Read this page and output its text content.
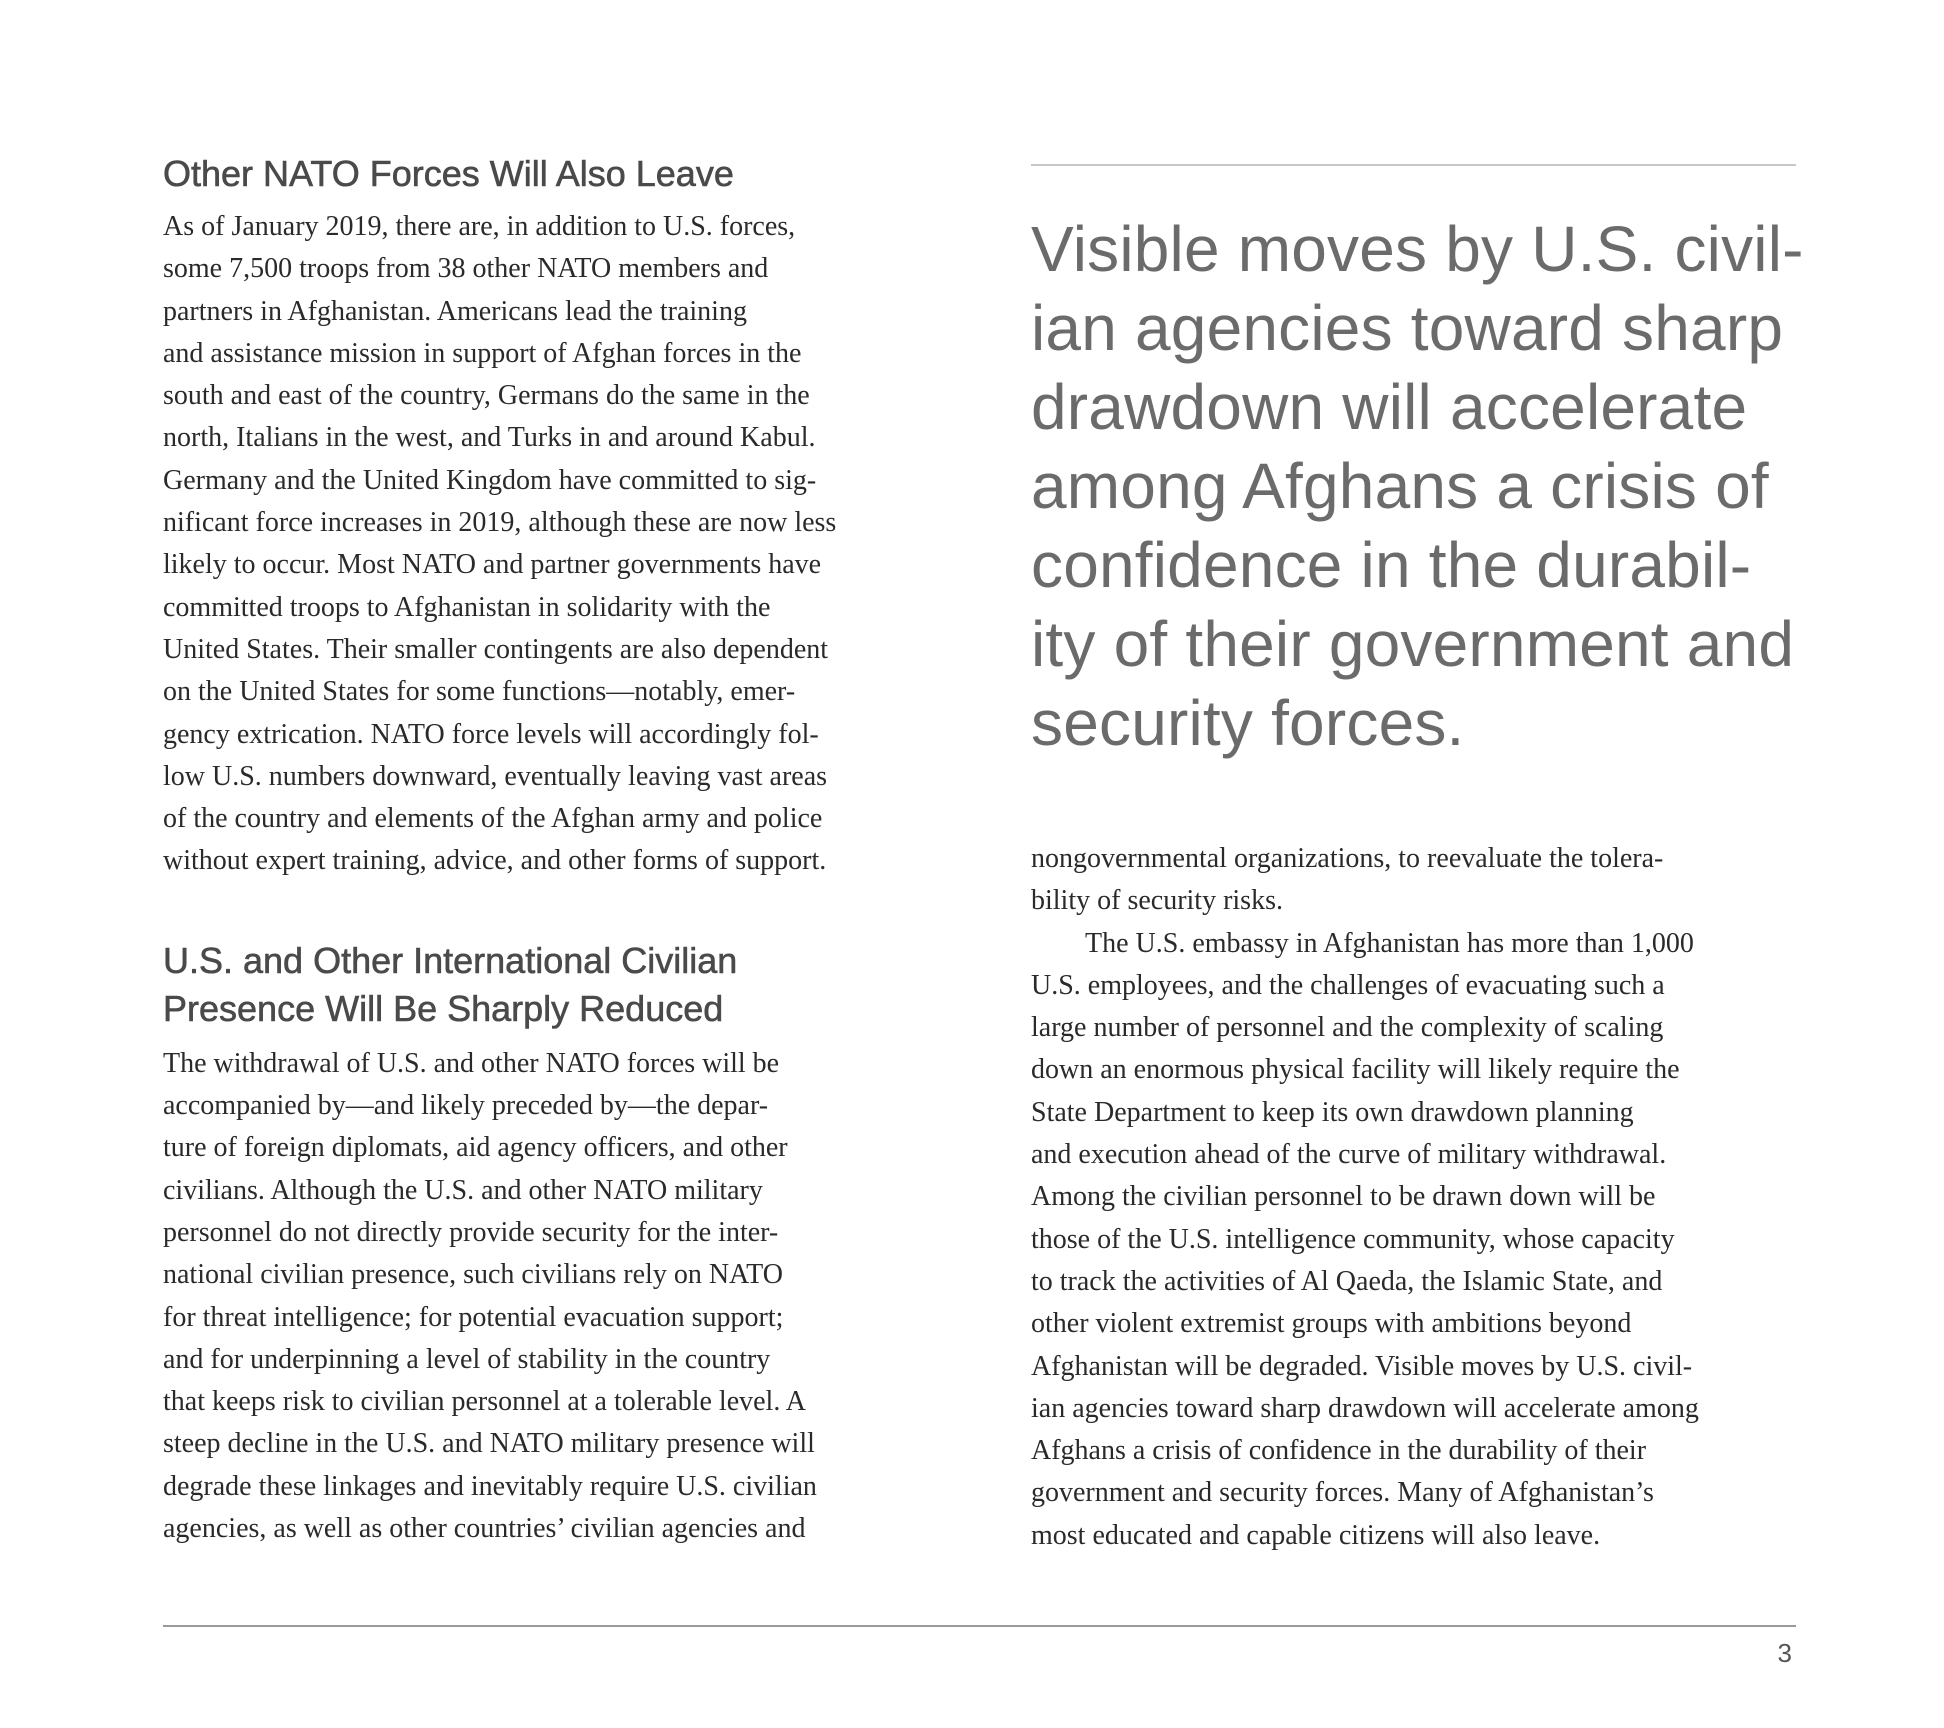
Other NATO Forces Will Also Leave

As of January 2019, there are, in addition to U.S. forces,
some 7,500 troops from 38 other NATO members and
partners in Afghanistan. Americans lead the training
and assistance mission in support of Afghan forces in the
south and east of the country, Germans do the same in the
north, Italians in the west, and Turks in and around Kabul.
Germany and the United Kingdom have committed to sig-
nificant force increases in 2019, although these are now less
likely to occur. Most NATO and partner governments have
committed troops to Afghanistan in solidarity with the
United States. Their smaller contingents are also dependent
on the United States for some functions—notably, emer-
gency extrication. NATO force levels will accordingly fol-
low U.S. numbers downward, eventually leaving vast areas
of the country and elements of the Afghan army and police
without expert training, advice, and other forms of support.

U.S. and Other International Civilian
Presence Will Be Sharply Reduced

The withdrawal of U.S. and other NATO forces will be
accompanied by—and likely preceded by—the depar-
ture of foreign diplomats, aid agency officers, and other
civilians. Although the U.S. and other NATO military
personnel do not directly provide security for the inter-
national civilian presence, such civilians rely on NATO
for threat intelligence; for potential evacuation support;
and for underpinning a level of stability in the country
that keeps risk to civilian personnel at a tolerable level. A
steep decline in the U.S. and NATO military presence will
degrade these linkages and inevitably require U.S. civilian
agencies, as well as other countries’ civilian agencies and

Visible moves by U.S. civil-
ian agencies toward sharp
drawdown will accelerate
among Afghans a crisis of
confidence in the durabil-
ity of their government and
security forces.

nongovernmental organizations, to reevaluate the tolera-
bility of security risks.

The U.S. embassy in Afghanistan has more than 1,000
U.S. employees, and the challenges of evacuating such a
large number of personnel and the complexity of scaling
down an enormous physical facility will likely require the
State Department to keep its own drawdown planning
and execution ahead of the curve of military withdrawal.
Among the civilian personnel to be drawn down will be
those of the U.S. intelligence community, whose capacity
to track the activities of Al Qaeda, the Islamic State, and
other violent extremist groups with ambitions beyond
Afghanistan will be degraded. Visible moves by U.S. civil-
ian agencies toward sharp drawdown will accelerate among
Afghans a crisis of confidence in the durability of their
government and security forces. Many of Afghanistan’s
most educated and capable citizens will also leave.

3
